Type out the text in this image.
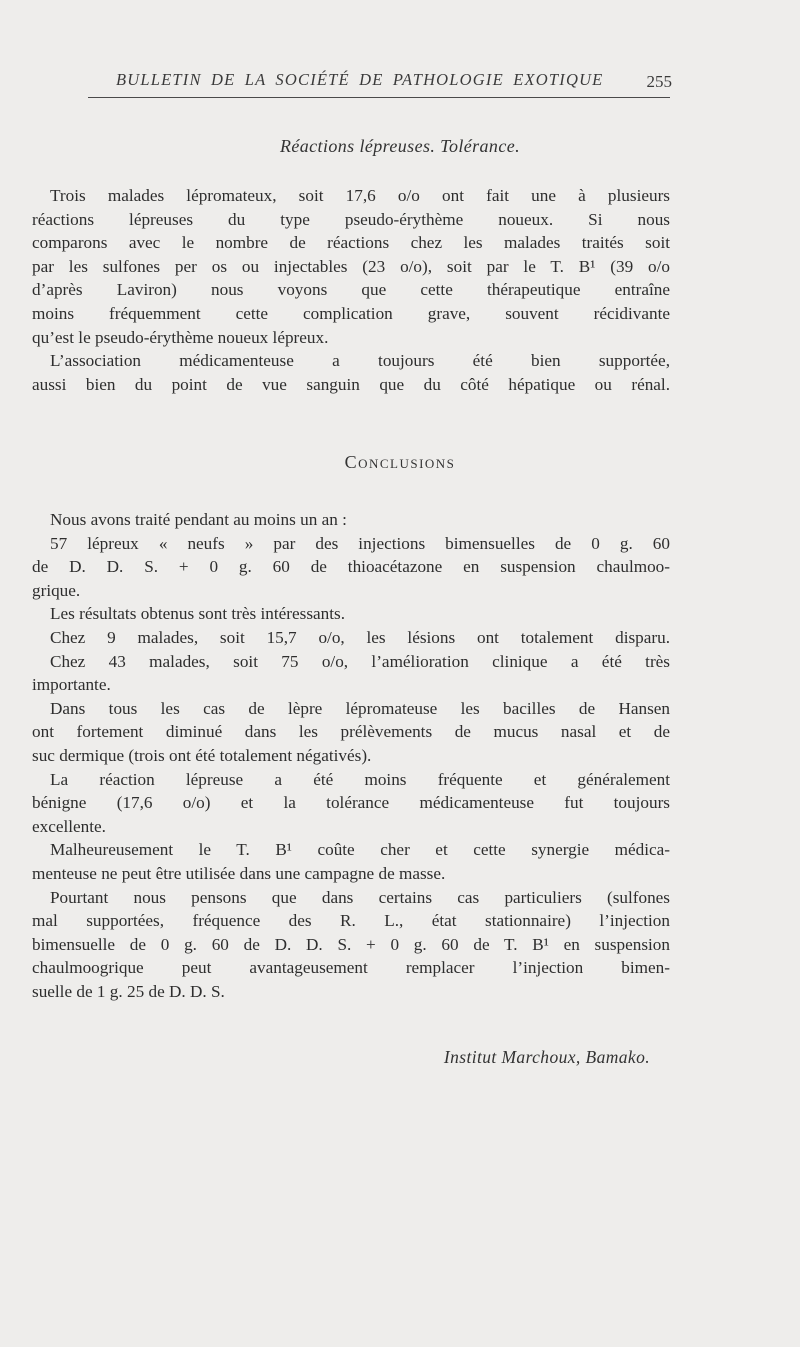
BULLETIN DE LA SOCIÉTÉ DE PATHOLOGIE EXOTIQUE	255
Réactions lépreuses. Tolérance.
Trois malades lépromateux, soit 17,6 o/o ont fait une à plusieurs
réactions lépreuses du type pseudo-érythème noueux. Si nous
comparons avec le nombre de réactions chez les malades traités soit
par les sulfones per os ou injectables (23 o/o), soit par le T. B¹ (39 o/o
d’après Laviron) nous voyons que cette thérapeutique entraîne
moins fréquemment cette complication grave, souvent récidivante
qu’est le pseudo-érythème noueux lépreux.
L’association médicamenteuse a toujours été bien supportée,
aussi bien du point de vue sanguin que du côté hépatique ou rénal.
Conclusions
Nous avons traité pendant au moins un an :
57 lépreux « neufs » par des injections bimensuelles de 0 g. 60
de D. D. S. + 0 g. 60 de thioacétazone en suspension chaulmoo-
grique.
Les résultats obtenus sont très intéressants.
Chez 9 malades, soit 15,7 o/o, les lésions ont totalement disparu.
Chez 43 malades, soit 75 o/o, l’amélioration clinique a été très
importante.
Dans tous les cas de lèpre lépromateuse les bacilles de Hansen
ont fortement diminué dans les prélèvements de mucus nasal et de
suc dermique (trois ont été totalement négativés).
La réaction lépreuse a été moins fréquente et généralement
bénigne (17,6 o/o) et la tolérance médicamenteuse fut toujours
excellente.
Malheureusement le T. B¹ coûte cher et cette synergie médica-
menteuse ne peut être utilisée dans une campagne de masse.
Pourtant nous pensons que dans certains cas particuliers (sulfones
mal supportées, fréquence des R. L., état stationnaire) l’injection
bimensuelle de 0 g. 60 de D. D. S. + 0 g. 60 de T. B¹ en suspension
chaulmoogrique peut avantageusement remplacer l’injection bimen-
suelle de 1 g. 25 de D. D. S.
Institut Marchoux, Bamako.
